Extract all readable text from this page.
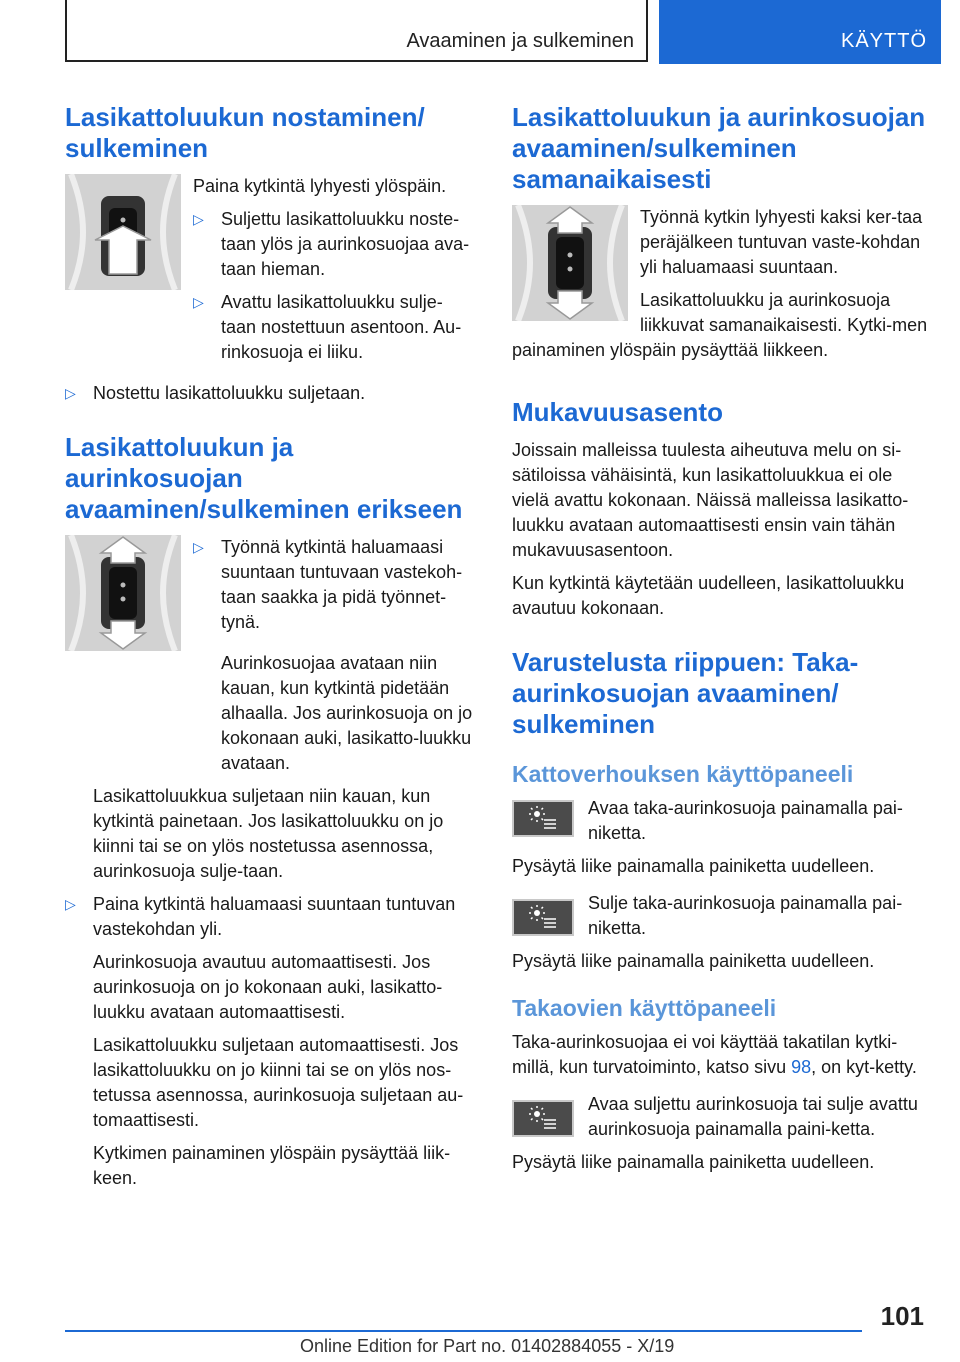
Avaaminen ja sulkeminen	KÄYTTÖ
Lasikattoluukun nostaminen/ sulkeminen

Paina kytkintä lyhyesti ylöspäin.

▷ Suljettu lasikattoluukku noste-taan ylös ja aurinkosuojaa ava-taan hieman.
▷ Avattu lasikattoluukku sulje-taan nostettuun asentoon. Au-rinkosuoja ei liiku.
▷ Nostettu lasikattoluukku suljetaan.
Lasikattoluukun ja aurinkosuojan avaaminen/sulkeminen erikseen
▷ Työnnä kytkintä haluamaasi suuntaan tuntuvaan vastekoh-taan saakka ja pidä työnnet-tynä.

Aurinkosuojaa avataan niin kauan, kun kytkintä pidetään alhaalla. Jos aurinkosuoja on jo kokonaan auki, lasikatto-luukku avataan.

Lasikattoluukkua suljetaan niin kauan, kun kytkintä painetaan. Jos lasikattoluukku on jo kiinni tai se on ylös nostetussa asennossa, aurinkosuoja sulje-taan.

▷ Paina kytkintä haluamaasi suuntaan tuntuvan vastekohdan yli.

Aurinkosuoja avautuu automaattisesti. Jos aurinkosuoja on jo kokonaan auki, lasikatto-luukku avataan automaattisesti.

Lasikattoluukku suljetaan automaattisesti. Jos lasikattoluukku on jo kiinni tai se on ylös nos-tetussa asennossa, aurinkosuoja suljetaan au-tomaattisesti.

Kytkimen painaminen ylöspäin pysäyttää liik-keen.

Lasikattoluukun ja aurinkosuojan avaaminen/sulkeminen samanaikaisesti

Työnnä kytkin lyhyesti kaksi ker-taa peräjälkeen tuntuvan vaste-kohdan yli haluamaasi suuntaan.

Lasikattoluukku ja aurinkosuoja liikkuvat samanaikaisesti. Kytki-men painaminen ylöspäin pysäyttää liikkeen.

Mukavuusasento

Joissain malleissa tuulesta aiheutuva melu on si-sätiloissa vähäisintä, kun lasikattoluukkua ei ole vielä avattu kokonaan. Näissä malleissa lasikatto-luukku avataan automaattisesti ensin vain tähän mukavuusasentoon.

Kun kytkintä käytetään uudelleen, lasikattoluukku avautuu kokonaan.

Varustelusta riippuen: Taka-aurinkosuojan avaaminen/ sulkeminen
Kattoverhouksen käyttöpaneeli

Avaa taka-aurinkosuoja painamalla pai-niketta.

Pysäytä liike painamalla painiketta uudelleen.

Sulje taka-aurinkosuoja painamalla pai-niketta.

Pysäytä liike painamalla painiketta uudelleen.

Takaovien käyttöpaneeli

Taka-aurinkosuojaa ei voi käyttää takatilan kytki-millä, kun turvatoiminto, katso sivu 98, on kyt-ketty.

Avaa suljettu aurinkosuoja tai sulje avattu aurinkosuoja painamalla paini-ketta.

Pysäytä liike painamalla painiketta uudelleen.

101
Online Edition for Part no. 01402884055 - X/19
